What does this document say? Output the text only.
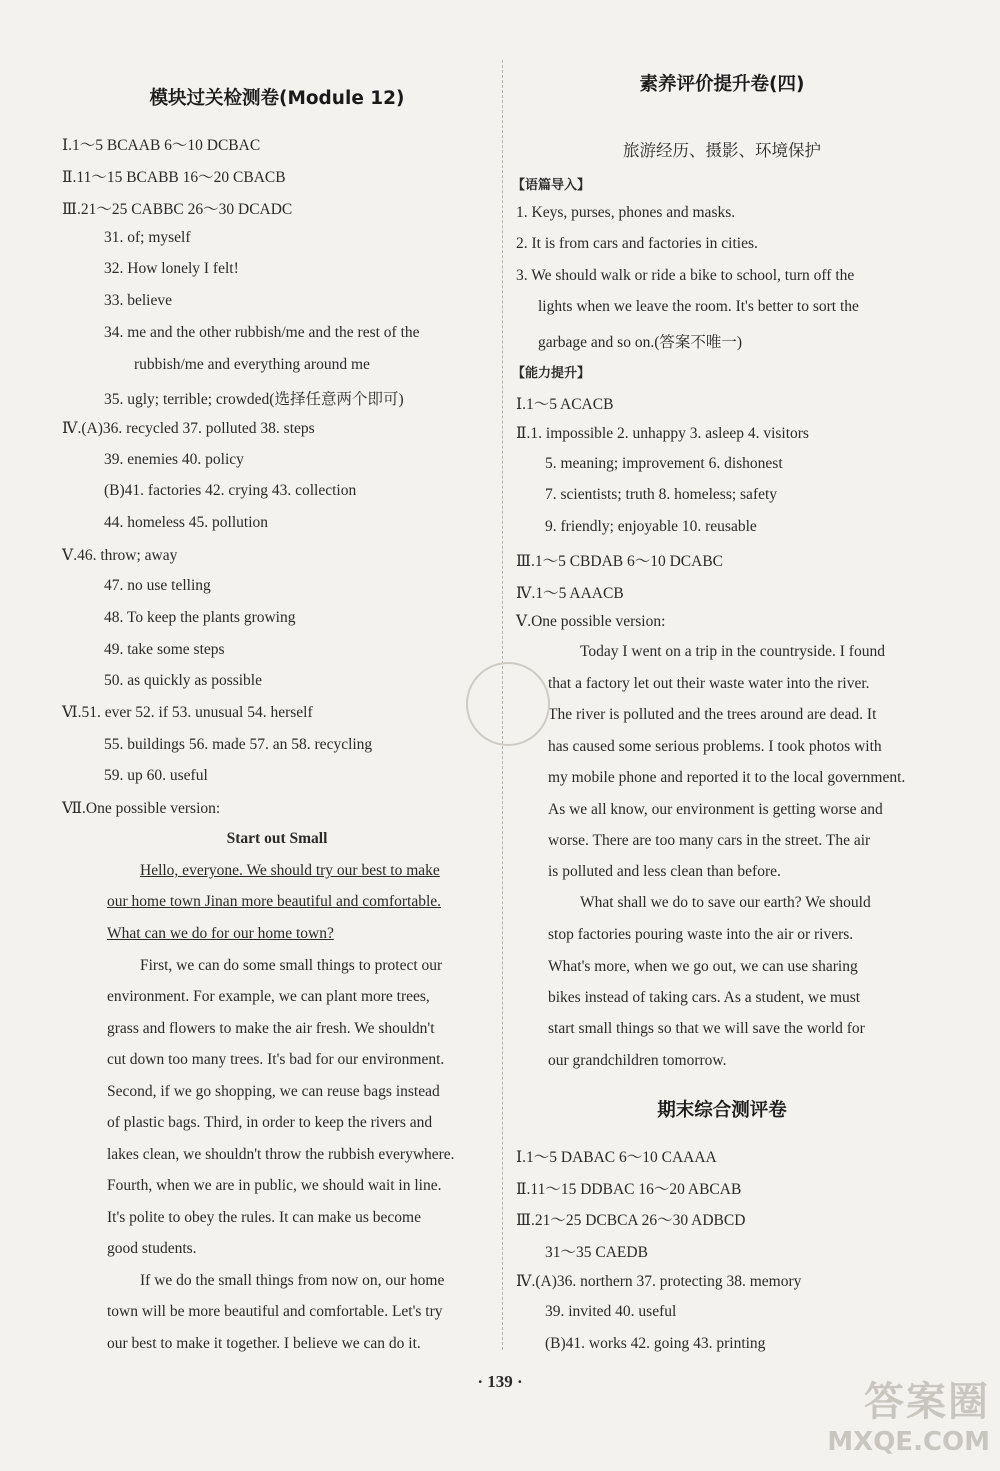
模块过关检测卷(Module 12)
Ⅰ.1～5 BCAAB 6～10 DCBAC
Ⅱ.11～15 BCABB 16～20 CBACB
Ⅲ.21～25 CABBC 26～30 DCADC
31. of; myself
32. How lonely I felt!
33. believe
34. me and the other rubbish/me and the rest of the
rubbish/me and everything around me
35. ugly; terrible; crowded(选择任意两个即可)
Ⅳ.(A)36. recycled 37. polluted 38. steps
39. enemies 40. policy
(B)41. factories 42. crying 43. collection
44. homeless 45. pollution
Ⅴ.46. throw; away
47. no use telling
48. To keep the plants growing
49. take some steps
50. as quickly as possible
Ⅵ.51. ever 52. if 53. unusual 54. herself
55. buildings 56. made 57. an 58. recycling
59. up 60. useful
Ⅶ.One possible version:
Start out Small
Hello, everyone. We should try our best to make
our home town Jinan more beautiful and comfortable.
What can we do for our home town?
First, we can do some small things to protect our
environment. For example, we can plant more trees,
grass and flowers to make the air fresh. We shouldn't
cut down too many trees. It's bad for our environment.
Second, if we go shopping, we can reuse bags instead
of plastic bags. Third, in order to keep the rivers and
lakes clean, we shouldn't throw the rubbish everywhere.
Fourth, when we are in public, we should wait in line.
It's polite to obey the rules. It can make us become
good students.
If we do the small things from now on, our home
town will be more beautiful and comfortable. Let's try
our best to make it together. I believe we can do it.
素养评价提升卷(四)
旅游经历、摄影、环境保护
【语篇导入】
1. Keys, purses, phones and masks.
2. It is from cars and factories in cities.
3. We should walk or ride a bike to school, turn off the
lights when we leave the room. It's better to sort the
garbage and so on.(答案不唯一)
【能力提升】
Ⅰ.1～5 ACACB
Ⅱ.1. impossible 2. unhappy 3. asleep 4. visitors
5. meaning; improvement 6. dishonest
7. scientists; truth 8. homeless; safety
9. friendly; enjoyable 10. reusable
Ⅲ.1～5 CBDAB 6～10 DCABC
Ⅳ.1～5 AAACB
Ⅴ.One possible version:
Today I went on a trip in the countryside. I found
that a factory let out their waste water into the river.
The river is polluted and the trees around are dead. It
has caused some serious problems. I took photos with
my mobile phone and reported it to the local government.
As we all know, our environment is getting worse and
worse. There are too many cars in the street. The air
is polluted and less clean than before.
What shall we do to save our earth? We should
stop factories pouring waste into the air or rivers.
What's more, when we go out, we can use sharing
bikes instead of taking cars. As a student, we must
start small things so that we will save the world for
our grandchildren tomorrow.
期末综合测评卷
Ⅰ.1～5 DABAC 6～10 CAAAA
Ⅱ.11～15 DDBAC 16～20 ABCAB
Ⅲ.21～25 DCBCA 26～30 ADBCD
31～35 CAEDB
Ⅳ.(A)36. northern 37. protecting 38. memory
39. invited 40. useful
(B)41. works 42. going 43. printing
· 139 ·	答案圈
MXQE.COM
